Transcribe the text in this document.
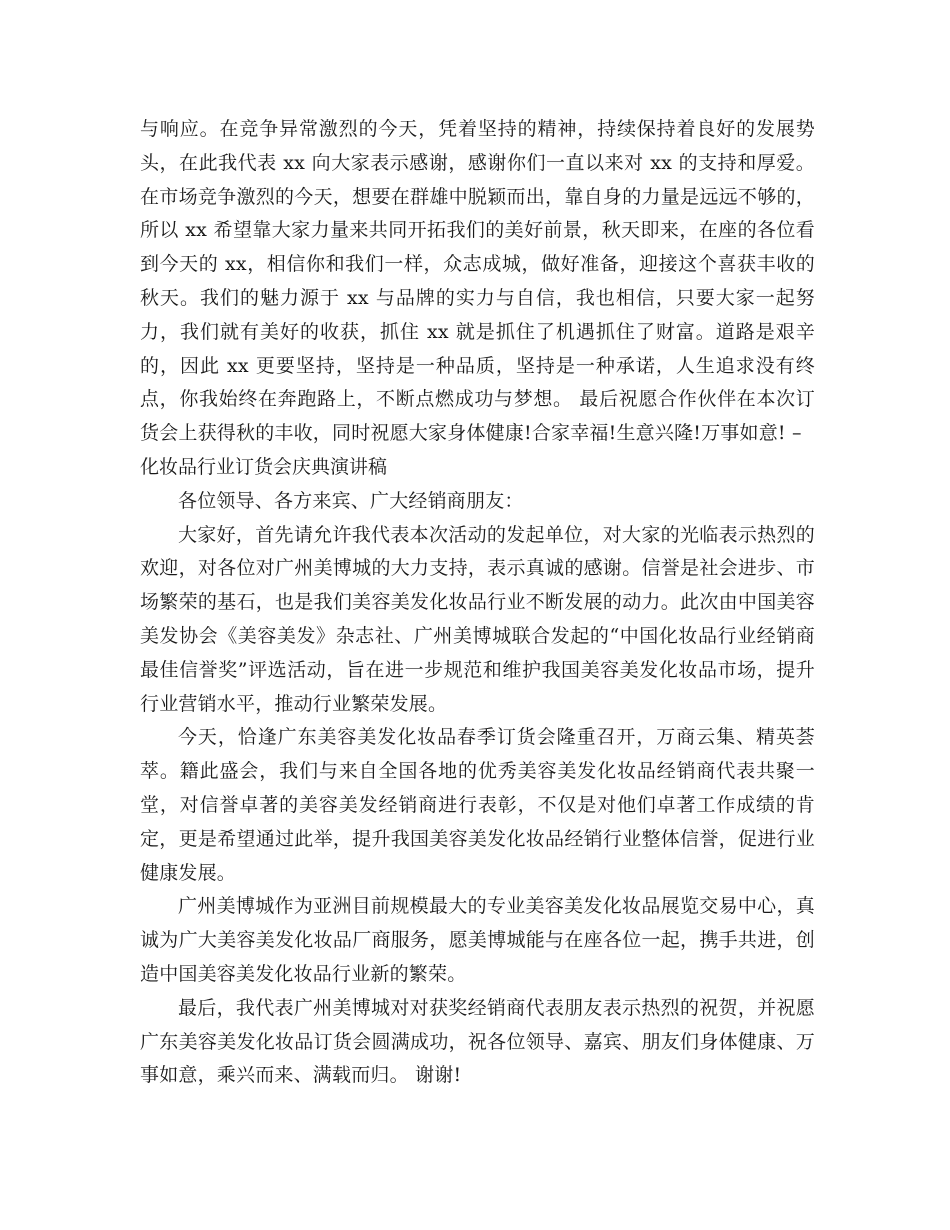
与响应。在竞争异常激烈的今天，凭着坚持的精神，持续保持着良好的发展势头，在此我代表 xx 向大家表示感谢，感谢你们一直以来对 xx 的支持和厚爱。 在市场竞争激烈的今天，想要在群雄中脱颖而出，靠自身的力量是远远不够的，所以 xx 希望靠大家力量来共同开拓我们的美好前景，秋天即来，在座的各位看到今天的 xx，相信你和我们一样，众志成城，做好准备，迎接这个喜获丰收的秋天。我们的魅力源于 xx 与品牌的实力与自信，我也相信，只要大家一起努力，我们就有美好的收获，抓住 xx 就是抓住了机遇抓住了财富。道路是艰辛的，因此 xx 更要坚持，坚持是一种品质，坚持是一种承诺，人生追求没有终点，你我始终在奔跑路上，不断点燃成功与梦想。 最后祝愿合作伙伴在本次订货会上获得秋的丰收，同时祝愿大家身体健康!合家幸福!生意兴隆!万事如意! –

化妆品行业订货会庆典演讲稿

各位领导、各方来宾、广大经销商朋友：

大家好，首先请允许我代表本次活动的发起单位，对大家的光临表示热烈的欢迎，对各位对广州美博城的大力支持，表示真诚的感谢。信誉是社会进步、市场繁荣的基石，也是我们美容美发化妆品行业不断发展的动力。此次由中国美容美发协会《美容美发》杂志社、广州美博城联合发起的“中国化妆品行业经销商最佳信誉奖”评选活动，旨在进一步规范和维护我国美容美发化妆品市场，提升行业营销水平，推动行业繁荣发展。

今天，恰逢广东美容美发化妆品春季订货会隆重召开，万商云集、精英荟萃。籍此盛会，我们与来自全国各地的优秀美容美发化妆品经销商代表共聚一堂，对信誉卓著的美容美发经销商进行表彰，不仅是对他们卓著工作成绩的肯定，更是希望通过此举，提升我国美容美发化妆品经销行业整体信誉，促进行业健康发展。

广州美博城作为亚洲目前规模最大的专业美容美发化妆品展览交易中心，真诚为广大美容美发化妆品厂商服务，愿美博城能与在座各位一起，携手共进，创造中国美容美发化妆品行业新的繁荣。

最后，我代表广州美博城对对获奖经销商代表朋友表示热烈的祝贺，并祝愿广东美容美发化妆品订货会圆满成功，祝各位领导、嘉宾、朋友们身体健康、万事如意，乘兴而来、满载而归。 谢谢!
